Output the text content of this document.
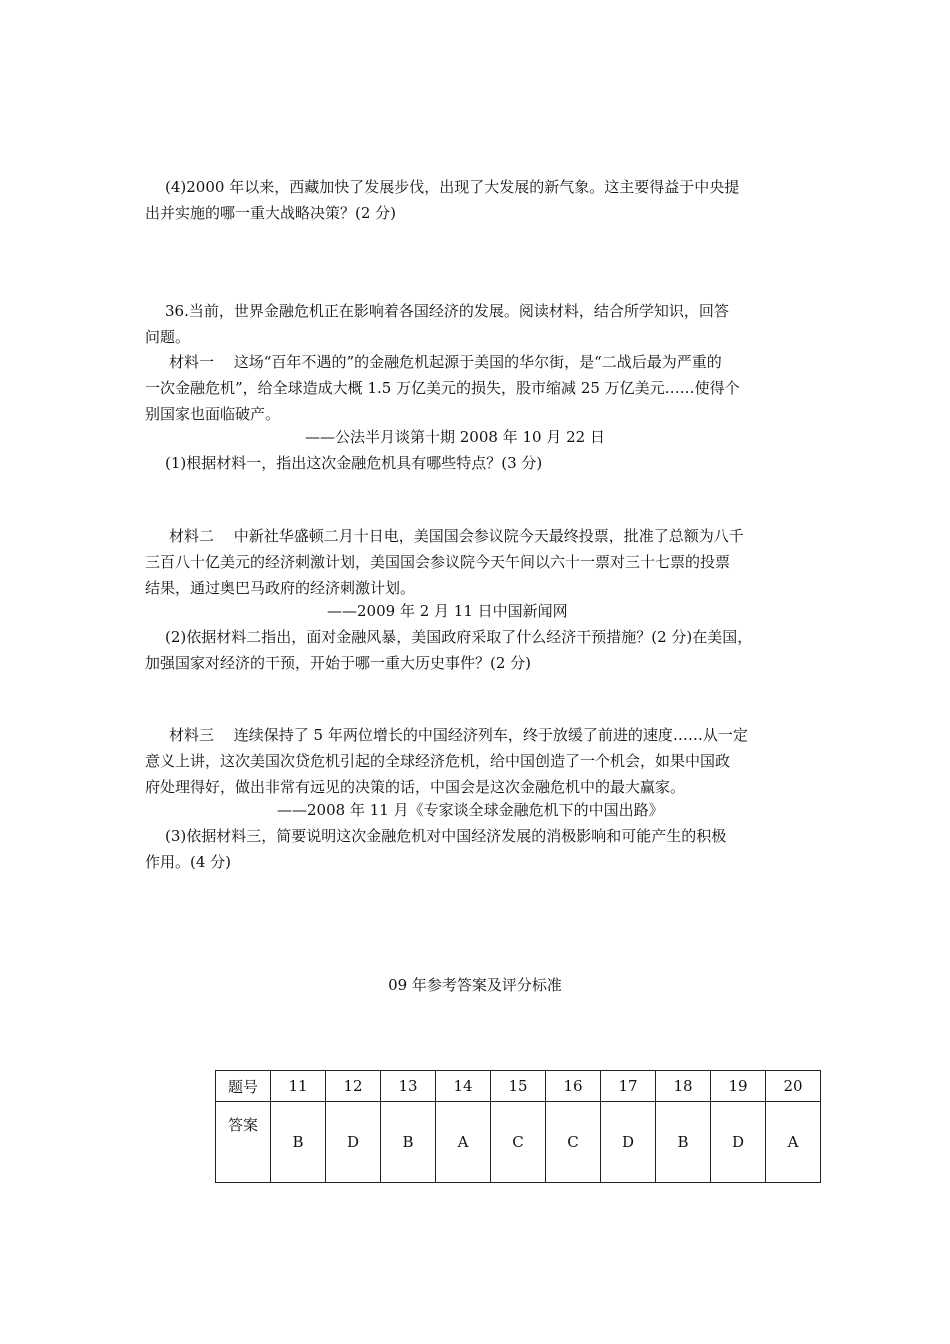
(4)2000 年以来，西藏加快了发展步伐，出现了大发展的新气象。这主要得益于中央提
出并实施的哪一重大战略决策？(2 分)
36.当前，世界金融危机正在影响着各国经济的发展。阅读材料，结合所学知识，回答
问题。
材料一　 这场“百年不遇的”的金融危机起源于美国的华尔街，是“二战后最为严重的
一次金融危机”，给全球造成大概 1.5 万亿美元的损失，股市缩减 25 万亿美元……使得个
别国家也面临破产。
——公法半月谈第十期 2008 年 10 月 22 日
(1)根据材料一，指出这次金融危机具有哪些特点？(3 分)
材料二　 中新社华盛顿二月十日电，美国国会参议院今天最终投票，批准了总额为八千
三百八十亿美元的经济刺激计划，美国国会参议院今天午间以六十一票对三十七票的投票
结果，通过奥巴马政府的经济刺激计划。
——2009 年 2 月 11 日中国新闻网
(2)依据材料二指出，面对金融风暴，美国政府采取了什么经济干预措施？(2 分)在美国，
加强国家对经济的干预，开始于哪一重大历史事件？(2 分)
材料三　 连续保持了 5 年两位增长的中国经济列车，终于放缓了前进的速度……从一定
意义上讲，这次美国次贷危机引起的全球经济危机，给中国创造了一个机会，如果中国政
府处理得好，做出非常有远见的决策的话，中国会是这次金融危机中的最大赢家。
——2008 年 11 月《专家谈全球金融危机下的中国出路》
(3)依据材料三，简要说明这次金融危机对中国经济发展的消极影响和可能产生的积极
作用。(4 分)
09 年参考答案及评分标准
题号	11	12	13	14	15	16	17	18	19	20
答案	B	D	B	A	C	C	D	B	D	A
